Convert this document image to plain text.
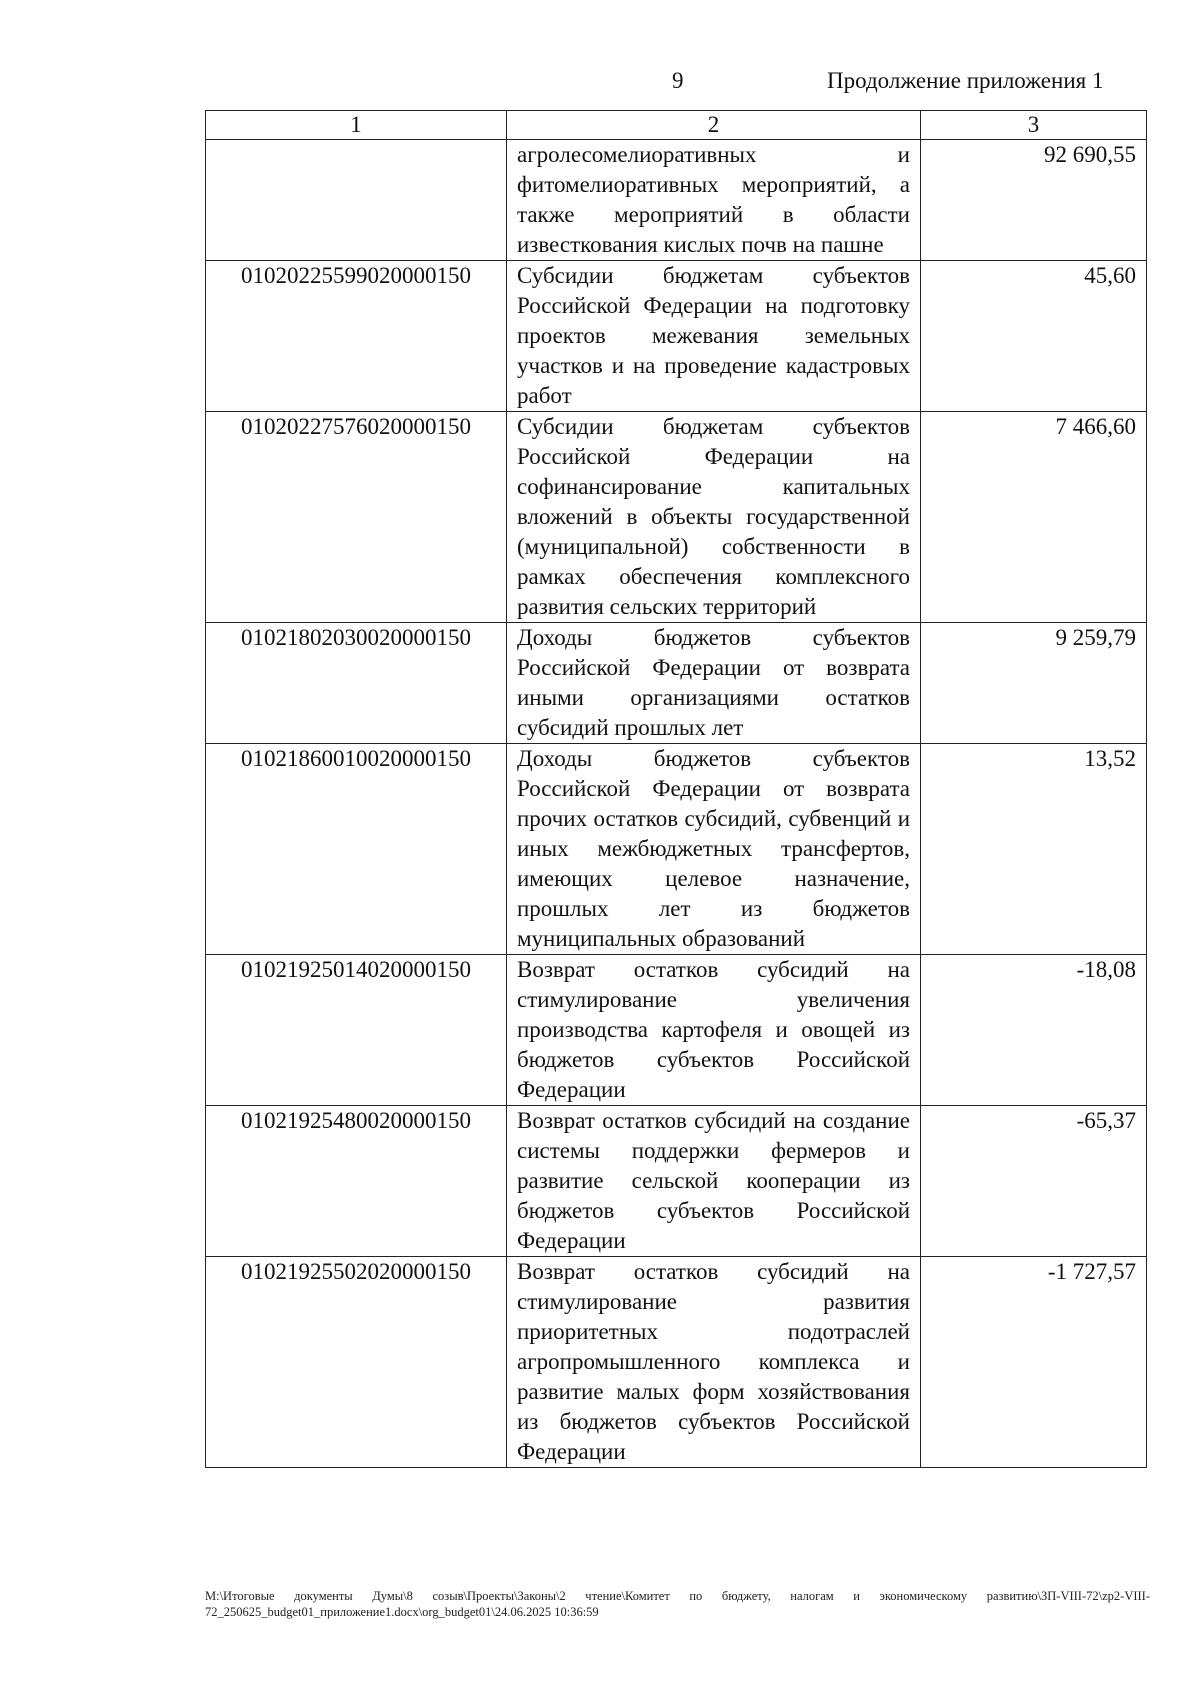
9	Продолжение приложения 1
1	2	3
	агролесомелиоративных и фитомелиоративных мероприятий, а также мероприятий в области известкования кислых почв на пашне	92 690,55
01020225599020000150	Субсидии бюджетам субъектов Российской Федерации на подготовку проектов межевания земельных участков и на проведение кадастровых работ	45,60
01020227576020000150	Субсидии бюджетам субъектов Российской Федерации на софинансирование капитальных вложений в объекты государственной (муниципальной) собственности в рамках обеспечения комплексного развития сельских территорий	7 466,60
01021802030020000150	Доходы бюджетов субъектов Российской Федерации от возврата иными организациями остатков субсидий прошлых лет	9 259,79
01021860010020000150	Доходы бюджетов субъектов Российской Федерации от возврата прочих остатков субсидий, субвенций и иных межбюджетных трансфертов, имеющих целевое назначение, прошлых лет из бюджетов муниципальных образований	13,52
01021925014020000150	Возврат остатков субсидий на стимулирование увеличения производства картофеля и овощей из бюджетов субъектов Российской Федерации	-18,08
01021925480020000150	Возврат остатков субсидий на создание системы поддержки фермеров и развитие сельской кооперации из бюджетов субъектов Российской Федерации	-65,37
01021925502020000150	Возврат остатков субсидий на стимулирование развития приоритетных подотраслей агропромышленного комплекса и развитие малых форм хозяйствования из бюджетов субъектов Российской Федерации	-1 727,57
M:\Итоговые документы Думы\8 созыв\Проекты\Законы\2 чтение\Комитет по бюджету, налогам и экономическому развитию\ЗП-VIII-72\zp2-VIII-72_250625_budget01_приложение1.docx\org_budget01\24.06.2025 10:36:59
